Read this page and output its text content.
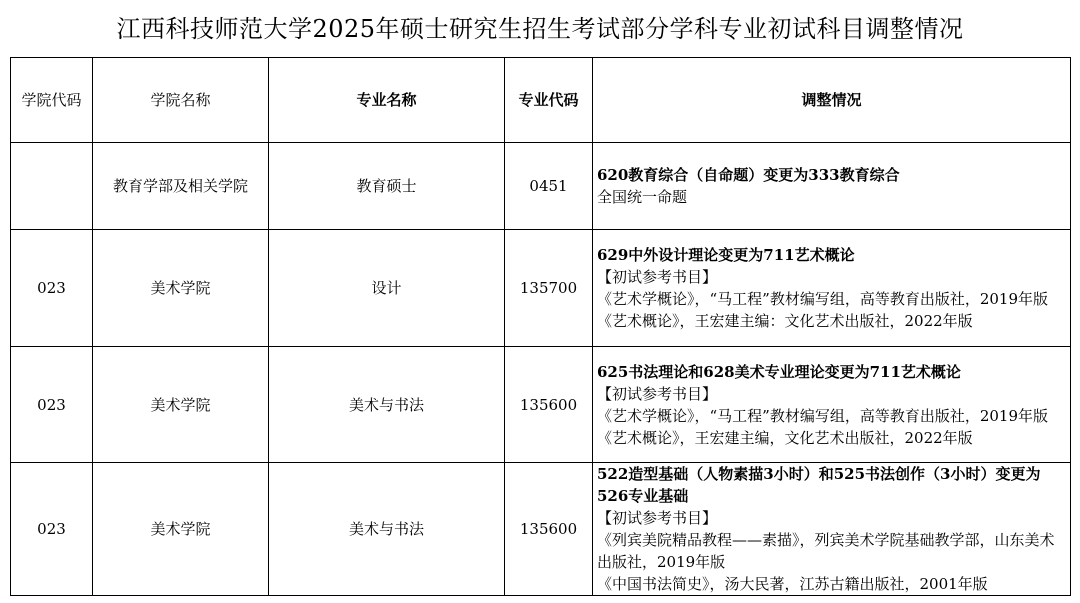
江西科技师范大学2025年硕士研究生招生考试部分学科专业初试科目调整情况
学院代码	学院名称	专业名称	专业代码	调整情况
	教育学部及相关学院	教育硕士	0451	620教育综合（自命题）变更为333教育综合
全国统一命题

023	美术学院	设计	135700	629中外设计理论变更为711艺术概论
【初试参考书目】
《艺术学概论》，“马工程”教材编写组，高等教育出版社，2019年版
《艺术概论》，王宏建主编：文化艺术出版社，2022年版

023	美术学院	美术与书法	135600	625书法理论和628美术专业理论变更为711艺术概论
【初试参考书目】
《艺术学概论》，“马工程”教材编写组，高等教育出版社，2019年版
《艺术概论》，王宏建主编，文化艺术出版社，2022年版

023	美术学院	美术与书法	135600	522造型基础（人物素描3小时）和525书法创作（3小时）变更为526专业基础
【初试参考书目】
《列宾美院精品教程——素描》，列宾美术学院基础教学部，山东美术出版社，2019年版
《中国书法简史》，汤大民著，江苏古籍出版社，2001年版
